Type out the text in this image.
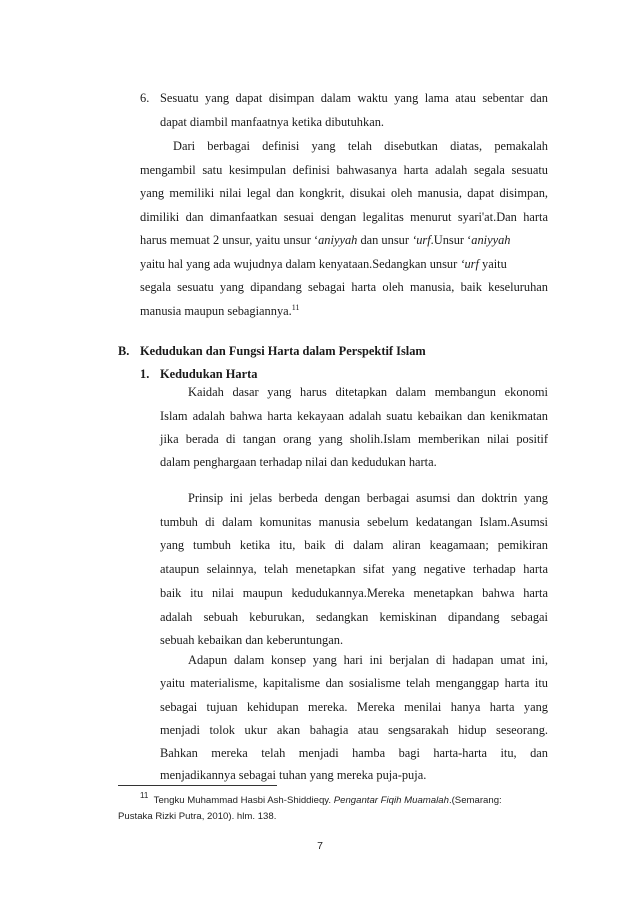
6. Sesuatu yang dapat disimpan dalam waktu yang lama atau sebentar dan
dapat diambil manfaatnya ketika dibutuhkan.
Dari berbagai definisi yang telah disebutkan diatas, pemakalah
mengambil satu kesimpulan definisi bahwasanya harta adalah segala sesuatu
yang memiliki nilai legal dan kongkrit, disukai oleh manusia, dapat disimpan,
dimiliki dan dimanfaatkan sesuai dengan legalitas menurut syari'at.Dan harta
harus memuat 2 unsur, yaitu unsur ‘aniyyah dan unsur ‘urf.Unsur ‘aniyyah
yaitu hal yang ada wujudnya dalam kenyataan.Sedangkan unsur ‘urf yaitu
segala sesuatu yang dipandang sebagai harta oleh manusia, baik keseluruhan
manusia maupun sebagiannya.$^{11}$
B. Kedudukan dan Fungsi Harta dalam Perspektif Islam
1. Kedudukan Harta
Kaidah dasar yang harus ditetapkan dalam membangun ekonomi
Islam adalah bahwa harta kekayaan adalah suatu kebaikan dan kenikmatan
jika berada di tangan orang yang sholih.Islam memberikan nilai positif
dalam penghargaan terhadap nilai dan kedudukan harta.
Prinsip ini jelas berbeda dengan berbagai asumsi dan doktrin yang
tumbuh di dalam komunitas manusia sebelum kedatangan Islam.Asumsi
yang tumbuh ketika itu, baik di dalam aliran keagamaan; pemikiran
ataupun selainnya, telah menetapkan sifat yang negative terhadap harta
baik itu nilai maupun kedudukannya.Mereka menetapkan bahwa harta
adalah sebuah keburukan, sedangkan kemiskinan dipandang sebagai
sebuah kebaikan dan keberuntungan.
Adapun dalam konsep yang hari ini berjalan di hadapan umat ini,
yaitu materialisme, kapitalisme dan sosialisme telah menganggap harta itu
sebagai tujuan kehidupan mereka. Mereka menilai hanya harta yang
menjadi tolok ukur akan bahagia atau sengsarakah hidup seseorang.
$^{11}$ Tengku Muhammad Hasbi Ash-Shiddieqy. Pengantar Fiqih Muamalah.(Semarang:
Pustaka Rizki Putra, 2010). hlm. 138.
7
Bahkan mereka telah menjadi hamba bagi harta-harta itu, dan
menjadikannya sebagai tuhan yang mereka puja-puja.
